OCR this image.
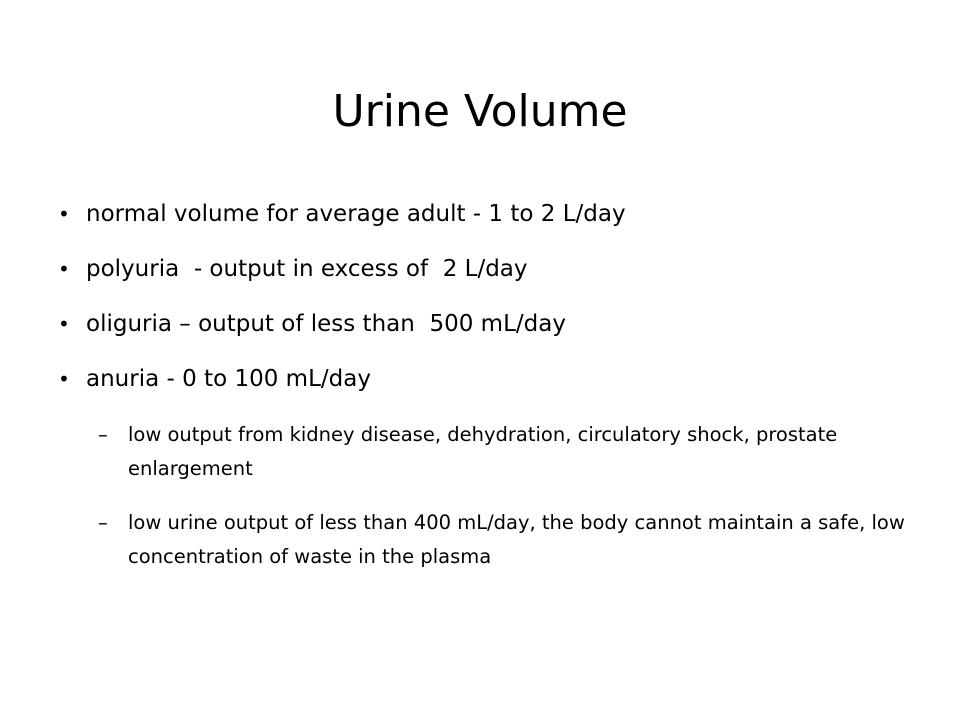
Urine Volume
• normal volume for average adult - 1 to 2 L/day
• polyuria  - output in excess of  2 L/day
• oliguria – output of less than  500 mL/day
• anuria - 0 to 100 mL/day
– low output from kidney disease, dehydration, circulatory shock, prostate enlargement
– low urine output of less than 400 mL/day, the body cannot maintain a safe, low concentration of waste in the plasma
